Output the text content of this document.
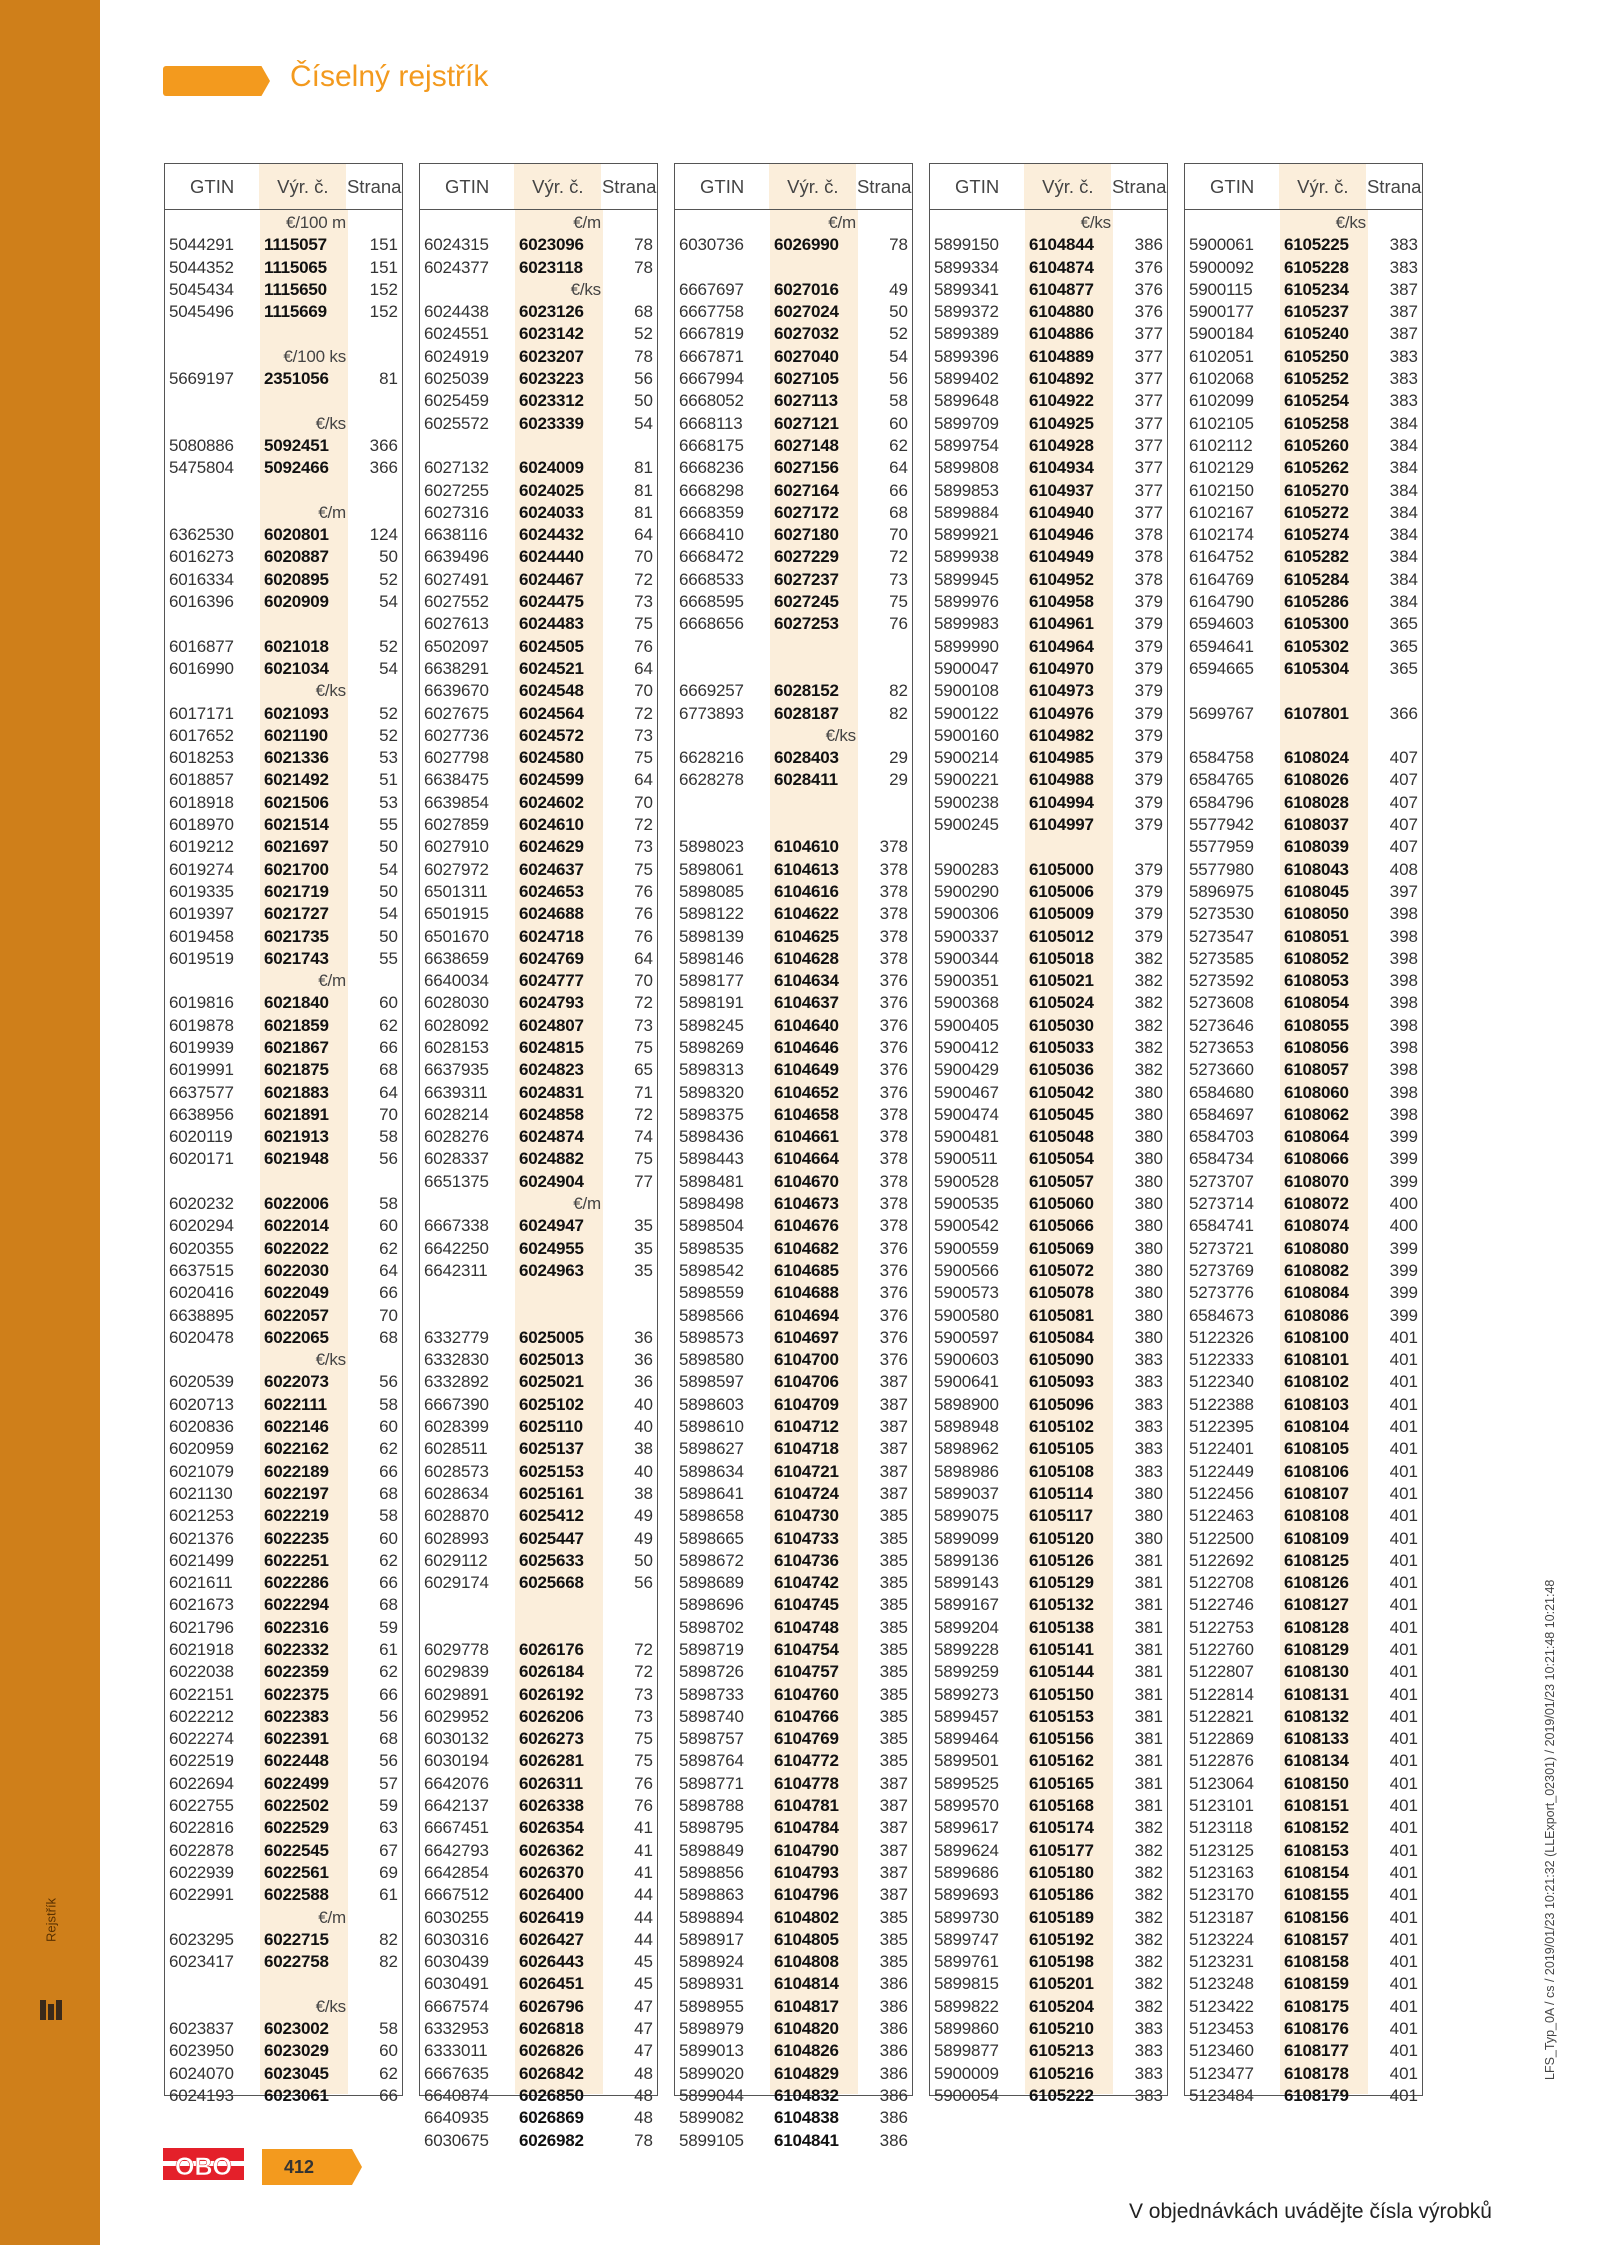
Rejstřík
Číselný rejstřík
GTIN	Výr. č. Strana
€/100 m
5044291	1115057	151
5044352	1115065	151
5045434	1115650	152
5045496	1115669	152
€/100 ks
5669197	2351056	81
€/ks
5080886	5092451	366
5475804	5092466	366
€/m
6362530	6020801	124
6016273	6020887	50
6016334	6020895	52
6016396	6020909	54
6016877	6021018	52
6016990	6021034	54
€/ks
6017171	6021093	52
6017652	6021190	52
6018253	6021336	53
6018857	6021492	51
6018918	6021506	53
6018970	6021514	55
6019212	6021697	50
6019274	6021700	54
6019335	6021719	50
6019397	6021727	54
6019458	6021735	50
6019519	6021743	55
€/m
6019816	6021840	60
6019878	6021859	62
6019939	6021867	66
6019991	6021875	68
6637577	6021883	64
6638956	6021891	70
6020119	6021913	58
6020171	6021948	56
6020232	6022006	58
6020294	6022014	60
6020355	6022022	62
6637515	6022030	64
6020416	6022049	66
6638895	6022057	70
6020478	6022065	68
€/ks
6020539	6022073	56
6020713	6022111	58
6020836	6022146	60
6020959	6022162	62
6021079	6022189	66
6021130	6022197	68
6021253	6022219	58
6021376	6022235	60
6021499	6022251	62
6021611	6022286	66
6021673	6022294	68
6021796	6022316	59
6021918	6022332	61
6022038	6022359	62
6022151	6022375	66
6022212	6022383	56
6022274	6022391	68
6022519	6022448	56
6022694	6022499	57
6022755	6022502	59
6022816	6022529	63
6022878	6022545	67
6022939	6022561	69
6022991	6022588	61
€/m
6023295	6022715	82
6023417	6022758	82
€/ks
6023837	6023002	58
6023950	6023029	60
6024070	6023045	62
6024193	6023061	66
GTIN	Výr. č. Strana
€/m
6024315	6023096	78
6024377	6023118	78
€/ks
6024438	6023126	68
6024551	6023142	52
6024919	6023207	78
6025039	6023223	56
6025459	6023312	50
6025572	6023339	54
6027132	6024009	81
6027255	6024025	81
6027316	6024033	81
6638116	6024432	64
6639496	6024440	70
6027491	6024467	72
6027552	6024475	73
6027613	6024483	75
6502097	6024505	76
6638291	6024521	64
6639670	6024548	70
6027675	6024564	72
6027736	6024572	73
6027798	6024580	75
6638475	6024599	64
6639854	6024602	70
6027859	6024610	72
6027910	6024629	73
6027972	6024637	75
6501311	6024653	76
6501915	6024688	76
6501670	6024718	76
6638659	6024769	64
6640034	6024777	70
6028030	6024793	72
6028092	6024807	73
6028153	6024815	75
6637935	6024823	65
6639311	6024831	71
6028214	6024858	72
6028276	6024874	74
6028337	6024882	75
6651375	6024904	77
€/m
6667338	6024947	35
6642250	6024955	35
6642311	6024963	35
6332779	6025005	36
6332830	6025013	36
6332892	6025021	36
6667390	6025102	40
6028399	6025110	40
6028511	6025137	38
6028573	6025153	40
6028634	6025161	38
6028870	6025412	49
6028993	6025447	49
6029112	6025633	50
6029174	6025668	56
6029778	6026176	72
6029839	6026184	72
6029891	6026192	73
6029952	6026206	73
6030132	6026273	75
6030194	6026281	75
6642076	6026311	76
6642137	6026338	76
6667451	6026354	41
6642793	6026362	41
6642854	6026370	41
6667512	6026400	44
6030255	6026419	44
6030316	6026427	44
6030439	6026443	45
6030491	6026451	45
6667574	6026796	47
6332953	6026818	47
6333011	6026826	47
6667635	6026842	48
6640874	6026850	48
6640935	6026869	48
6030675	6026982	78
GTIN	Výr. č. Strana
€/m
6030736	6026990	78
6667697	6027016	49
6667758	6027024	50
6667819	6027032	52
6667871	6027040	54
6667994	6027105	56
6668052	6027113	58
6668113	6027121	60
6668175	6027148	62
6668236	6027156	64
6668298	6027164	66
6668359	6027172	68
6668410	6027180	70
6668472	6027229	72
6668533	6027237	73
6668595	6027245	75
6668656	6027253	76
6669257	6028152	82
6773893	6028187	82
€/ks
6628216	6028403	29
6628278	6028411	29
5898023	6104610	378
5898061	6104613	378
5898085	6104616	378
5898122	6104622	378
5898139	6104625	378
5898146	6104628	378
5898177	6104634	376
5898191	6104637	376
5898245	6104640	376
5898269	6104646	376
5898313	6104649	376
5898320	6104652	376
5898375	6104658	378
5898436	6104661	378
5898443	6104664	378
5898481	6104670	378
5898498	6104673	378
5898504	6104676	378
5898535	6104682	376
5898542	6104685	376
5898559	6104688	376
5898566	6104694	376
5898573	6104697	376
5898580	6104700	376
5898597	6104706	387
5898603	6104709	387
5898610	6104712	387
5898627	6104718	387
5898634	6104721	387
5898641	6104724	387
5898658	6104730	385
5898665	6104733	385
5898672	6104736	385
5898689	6104742	385
5898696	6104745	385
5898702	6104748	385
5898719	6104754	385
5898726	6104757	385
5898733	6104760	385
5898740	6104766	385
5898757	6104769	385
5898764	6104772	385
5898771	6104778	387
5898788	6104781	387
5898795	6104784	387
5898849	6104790	387
5898856	6104793	387
5898863	6104796	387
5898894	6104802	385
5898917	6104805	385
5898924	6104808	385
5898931	6104814	386
5898955	6104817	386
5898979	6104820	386
5899013	6104826	386
5899020	6104829	386
5899044	6104832	386
5899082	6104838	386
5899105	6104841	386
GTIN	Výr. č. Strana
€/ks
5899150	6104844	386
5899334	6104874	376
5899341	6104877	376
5899372	6104880	376
5899389	6104886	377
5899396	6104889	377
5899402	6104892	377
5899648	6104922	377
5899709	6104925	377
5899754	6104928	377
5899808	6104934	377
5899853	6104937	377
5899884	6104940	377
5899921	6104946	378
5899938	6104949	378
5899945	6104952	378
5899976	6104958	379
5899983	6104961	379
5899990	6104964	379
5900047	6104970	379
5900108	6104973	379
5900122	6104976	379
5900160	6104982	379
5900214	6104985	379
5900221	6104988	379
5900238	6104994	379
5900245	6104997	379
5900283	6105000	379
5900290	6105006	379
5900306	6105009	379
5900337	6105012	379
5900344	6105018	382
5900351	6105021	382
5900368	6105024	382
5900405	6105030	382
5900412	6105033	382
5900429	6105036	382
5900467	6105042	380
5900474	6105045	380
5900481	6105048	380
5900511	6105054	380
5900528	6105057	380
5900535	6105060	380
5900542	6105066	380
5900559	6105069	380
5900566	6105072	380
5900573	6105078	380
5900580	6105081	380
5900597	6105084	380
5900603	6105090	383
5900641	6105093	383
5898900	6105096	383
5898948	6105102	383
5898962	6105105	383
5898986	6105108	383
5899037	6105114	380
5899075	6105117	380
5899099	6105120	380
5899136	6105126	381
5899143	6105129	381
5899167	6105132	381
5899204	6105138	381
5899228	6105141	381
5899259	6105144	381
5899273	6105150	381
5899457	6105153	381
5899464	6105156	381
5899501	6105162	381
5899525	6105165	381
5899570	6105168	381
5899617	6105174	382
5899624	6105177	382
5899686	6105180	382
5899693	6105186	382
5899730	6105189	382
5899747	6105192	382
5899761	6105198	382
5899815	6105201	382
5899822	6105204	382
5899860	6105210	383
5899877	6105213	383
5900009	6105216	383
5900054	6105222	383
GTIN	Výr. č. Strana
€/ks
5900061	6105225	383
5900092	6105228	383
5900115	6105234	387
5900177	6105237	387
5900184	6105240	387
6102051	6105250	383
6102068	6105252	383
6102099	6105254	383
6102105	6105258	384
6102112	6105260	384
6102129	6105262	384
6102150	6105270	384
6102167	6105272	384
6102174	6105274	384
6164752	6105282	384
6164769	6105284	384
6164790	6105286	384
6594603	6105300	365
6594641	6105302	365
6594665	6105304	365
5699767	6107801	366
6584758	6108024	407
6584765	6108026	407
6584796	6108028	407
5577942	6108037	407
5577959	6108039	407
5577980	6108043	408
5896975	6108045	397
5273530	6108050	398
5273547	6108051	398
5273585	6108052	398
5273592	6108053	398
5273608	6108054	398
5273646	6108055	398
5273653	6108056	398
5273660	6108057	398
6584680	6108060	398
6584697	6108062	398
6584703	6108064	399
6584734	6108066	399
5273707	6108070	399
5273714	6108072	400
6584741	6108074	400
5273721	6108080	399
5273769	6108082	399
5273776	6108084	399
6584673	6108086	399
5122326	6108100	401
5122333	6108101	401
5122340	6108102	401
5122388	6108103	401
5122395	6108104	401
5122401	6108105	401
5122449	6108106	401
5122456	6108107	401
5122463	6108108	401
5122500	6108109	401
5122692	6108125	401
5122708	6108126	401
5122746	6108127	401
5122753	6108128	401
5122760	6108129	401
5122807	6108130	401
5122814	6108131	401
5122821	6108132	401
5122869	6108133	401
5122876	6108134	401
5123064	6108150	401
5123101	6108151	401
5123118	6108152	401
5123125	6108153	401
5123163	6108154	401
5123170	6108155	401
5123187	6108156	401
5123224	6108157	401
5123231	6108158	401
5123248	6108159	401
5123422	6108175	401
5123453	6108176	401
5123460	6108177	401
5123477	6108178	401
5123484	6108179	401
OBO	412
V objednávkách uvádějte čísla výrobků
LFS_Typ_0A / cs / 2019/01/23 10:21:32 (LLExport_02301) / 2019/01/23 10:21:48 10:21:48
